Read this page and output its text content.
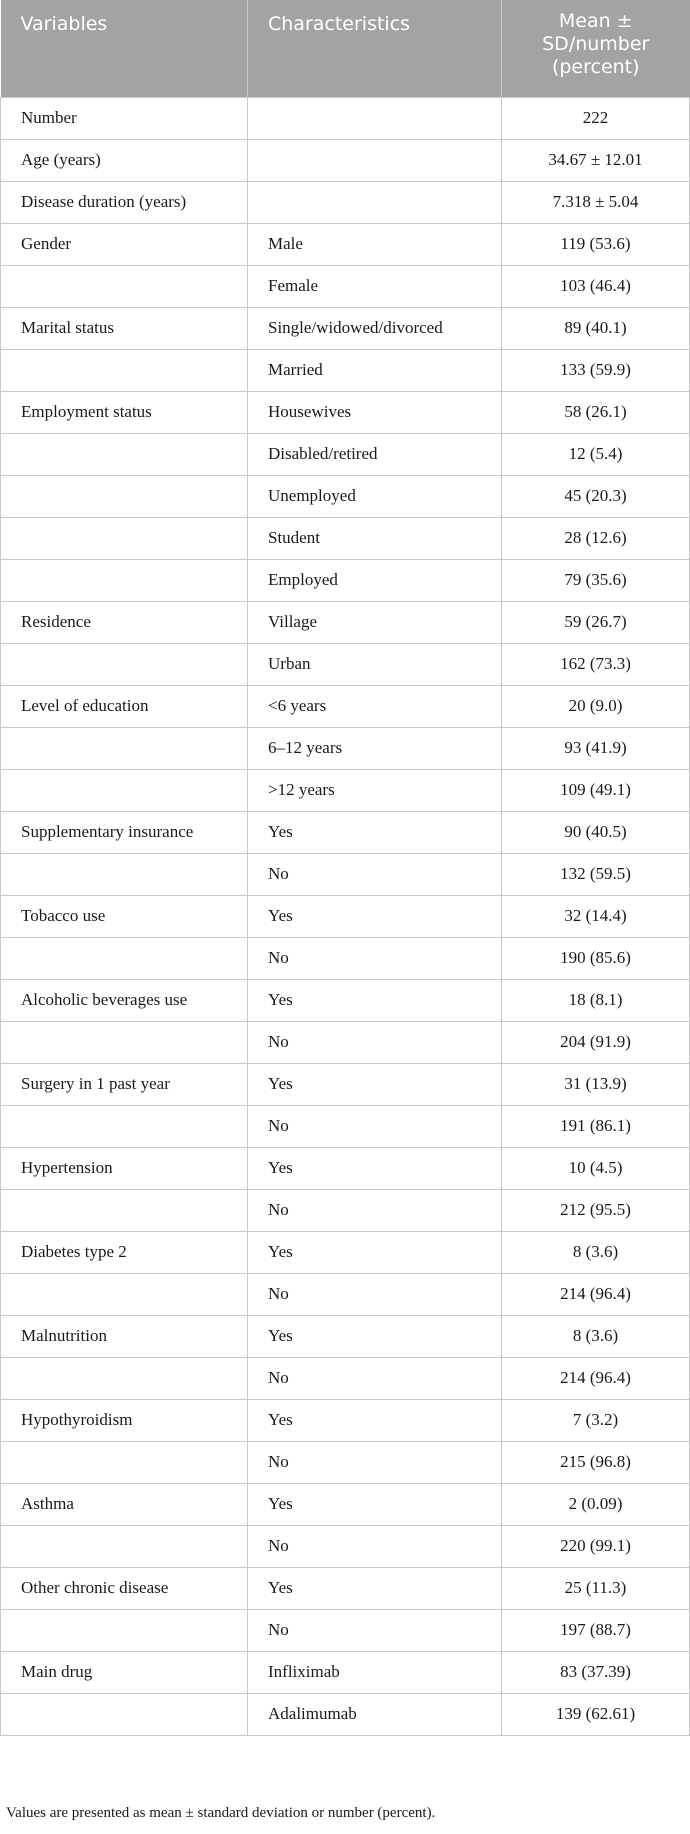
Variables	Characteristics	Mean ±
SD/number
(percent)

Number		222
Age (years)		34.67 ± 12.01
Disease duration (years)		7.318 ± 5.04
Gender	Male	119 (53.6)
	Female	103 (46.4)
Marital status	Single/widowed/divorced	89 (40.1)
	Married	133 (59.9)
Employment status	Housewives	58 (26.1)
	Disabled/retired	12 (5.4)
	Unemployed	45 (20.3)
	Student	28 (12.6)
	Employed	79 (35.6)
Residence	Village	59 (26.7)
	Urban	162 (73.3)
Level of education	<6 years	20 (9.0)
	6–12 years	93 (41.9)
	>12 years	109 (49.1)
Supplementary insurance	Yes	90 (40.5)
	No	132 (59.5)
Tobacco use	Yes	32 (14.4)
	No	190 (85.6)
Alcoholic beverages use	Yes	18 (8.1)
	No	204 (91.9)
Surgery in 1 past year	Yes	31 (13.9)
	No	191 (86.1)
Hypertension	Yes	10 (4.5)
	No	212 (95.5)
Diabetes type 2	Yes	8 (3.6)
	No	214 (96.4)
Malnutrition	Yes	8 (3.6)
	No	214 (96.4)
Hypothyroidism	Yes	7 (3.2)
	No	215 (96.8)
Asthma	Yes	2 (0.09)
	No	220 (99.1)
Other chronic disease	Yes	25 (11.3)
	No	197 (88.7)
Main drug	Infliximab	83 (37.39)
	Adalimumab	139 (62.61)
Values are presented as mean ± standard deviation or number (percent).
